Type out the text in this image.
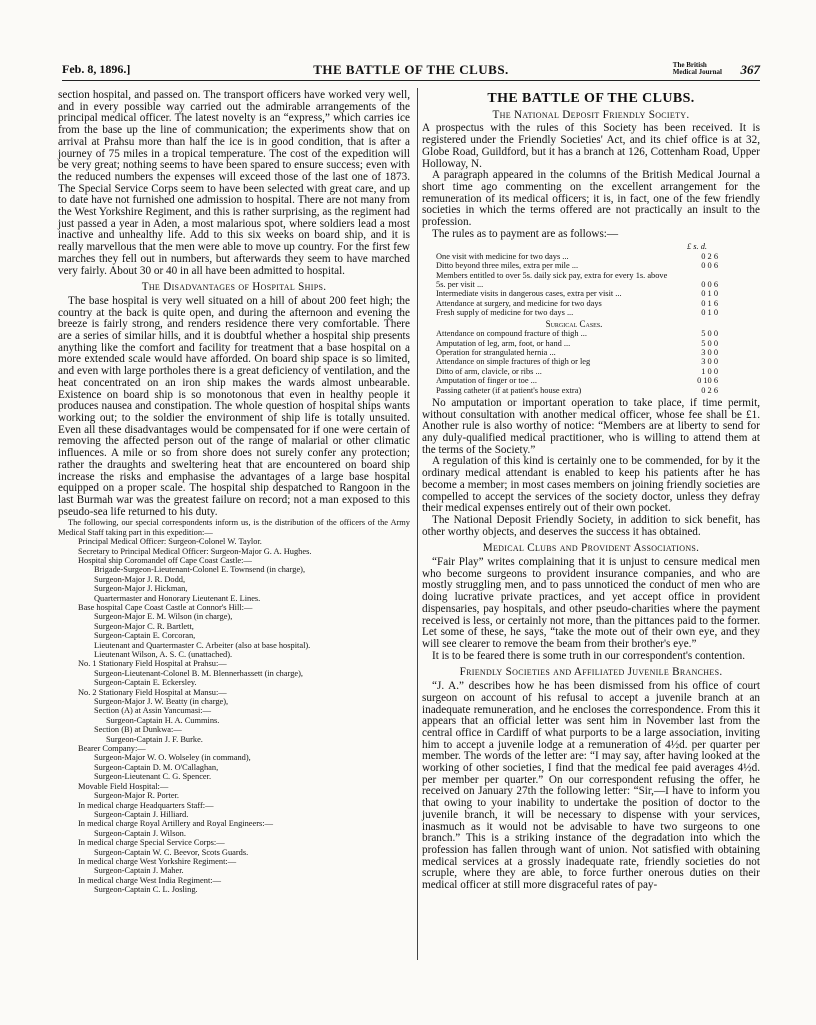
Feb. 8, 1896.]	THE BATTLE OF THE CLUBS.	The British
Medical Journal 367

section hospital, and passed on. The transport officers have worked very well, and in every possible way carried out the admirable arrangements of the principal medical officer. The latest novelty is an “express,” which carries ice from the base up the line of communication; the experiments show that on arrival at Prahsu more than half the ice is in good condition, that is after a journey of 75 miles in a tropical temperature. The cost of the expedition will be very great; nothing seems to have been spared to ensure success; even with the reduced numbers the expenses will exceed those of the last one of 1873. The Special Service Corps seem to have been selected with great care, and up to date have not furnished one admission to hospital. There are not many from the West Yorkshire Regiment, and this is rather surprising, as the regiment had just passed a year in Aden, a most malarious spot, where soldiers lead a most inactive and unhealthy life. Add to this six weeks on board ship, and it is really marvellous that the men were able to move up country. For the first few marches they fell out in numbers, but afterwards they seem to have marched very fairly. About 30 or 40 in all have been admitted to hospital.

The Disadvantages of Hospital Ships.

The base hospital is very well situated on a hill of about 200 feet high; the country at the back is quite open, and during the afternoon and evening the breeze is fairly strong, and renders residence there very comfortable. There are a series of similar hills, and it is doubtful whether a hospital ship presents anything like the comfort and facility for treatment that a base hospital on a more extended scale would have afforded. On board ship space is so limited, and even with large portholes there is a great deficiency of ventilation, and the heat concentrated on an iron ship makes the wards almost unbearable. Existence on board ship is so monotonous that even in healthy people it produces nausea and constipation. The whole question of hospital ships wants working out; to the soldier the environment of ship life is totally unsuited. Even all these disadvantages would be compensated for if one were certain of removing the affected person out of the range of malarial or other climatic influences. A mile or so from shore does not surely confer any protection; rather the draughts and sweltering heat that are encountered on board ship increase the risks and emphasise the advantages of a large base hospital equipped on a proper scale. The hospital ship despatched to Rangoon in the last Burmah war was the greatest failure on record; not a man exposed to this pseudo-sea life returned to his duty.

The following, our special correspondents inform us, is the distribution of the officers of the Army Medical Staff taking part in this expedition:—

Principal Medical Officer: Surgeon-Colonel W. Taylor.

Secretary to Principal Medical Officer: Surgeon-Major G. A. Hughes.

Hospital ship Coromandel off Cape Coast Castle:—

Brigade-Surgeon-Lieutenant-Colonel E. Townsend (in charge),

Surgeon-Major J. R. Dodd,

Surgeon-Major J. Hickman,

Quartermaster and Honorary Lieutenant E. Lines.

Base hospital Cape Coast Castle at Connor's Hill:—

Surgeon-Major E. M. Wilson (in charge),

Surgeon-Major C. R. Bartlett,

Surgeon-Captain E. Corcoran,

Lieutenant and Quartermaster C. Arbeiter (also at base hospital).

Lieutenant Wilson, A. S. C. (unattached).

No. 1 Stationary Field Hospital at Prahsu:—

Surgeon-Lieutenant-Colonel B. M. Blennerhassett (in charge),

Surgeon-Captain E. Eckersley.

No. 2 Stationary Field Hospital at Mansu:—

Surgeon-Major J. W. Beatty (in charge),

Section (A) at Assin Yancumasi:—

Surgeon-Captain H. A. Cummins.

Section (B) at Dunkwa:—

Surgeon-Captain J. F. Burke.

Bearer Company:—

Surgeon-Major W. O. Wolseley (in command),

Surgeon-Captain D. M. O'Callaghan,

Surgeon-Lieutenant C. G. Spencer.

Movable Field Hospital:—

Surgeon-Major R. Porter.

In medical charge Headquarters Staff:—

Surgeon-Captain J. Hilliard.

In medical charge Royal Artillery and Royal Engineers:—

Surgeon-Captain J. Wilson.

In medical charge Special Service Corps:—

Surgeon-Captain W. C. Beevor, Scots Guards.

In medical charge West Yorkshire Regiment:—

Surgeon-Captain J. Maher.

In medical charge West India Regiment:—

Surgeon-Captain C. L. Josling.

THE BATTLE OF THE CLUBS.
The National Deposit Friendly Society.

A prospectus with the rules of this Society has been received. It is registered under the Friendly Societies' Act, and its chief office is at 32, Globe Road, Guildford, but it has a branch at 126, Cottenham Road, Upper Holloway, N.

A paragraph appeared in the columns of the British Medical Journal a short time ago commenting on the excellent arrangement for the remuneration of its medical officers; it is, in fact, one of the few friendly societies in which the terms offered are not practically an insult to the profession.

The rules as to payment are as follows:—

	£ s. d.
One visit with medicine for two days ...	0 2 6
Ditto beyond three miles, extra per mile ...	0 0 6
Members entitled to over 5s. daily sick pay, extra for every 1s. above 5s. per visit ...	0 0 6
Intermediate visits in dangerous cases, extra per visit ...	0 1 0
Attendance at surgery, and medicine for two days	0 1 6
Fresh supply of medicine for two days ...	0 1 0
Surgical Cases.	
Attendance on compound fracture of thigh ...	5 0 0
Amputation of leg, arm, foot, or hand ...	5 0 0
Operation for strangulated hernia ...	3 0 0
Attendance on simple fractures of thigh or leg	3 0 0
Ditto of arm, clavicle, or ribs ...	1 0 0
Amputation of finger or toe ...	0 10 6
Passing catheter (if at patient's house extra)	0 2 6

No amputation or important operation to take place, if time permit, without consultation with another medical officer, whose fee shall be £1. Another rule is also worthy of notice: “Members are at liberty to send for any duly-qualified medical practitioner, who is willing to attend them at the terms of the Society.”

A regulation of this kind is certainly one to be commended, for by it the ordinary medical attendant is enabled to keep his patients after he has become a member; in most cases members on joining friendly societies are compelled to accept the services of the society doctor, unless they defray their medical expenses entirely out of their own pocket.

The National Deposit Friendly Society, in addition to sick benefit, has other worthy objects, and deserves the success it has obtained.

Medical Clubs and Provident Associations.

“Fair Play” writes complaining that it is unjust to censure medical men who become surgeons to provident insurance companies, and who are mostly struggling men, and to pass unnoticed the conduct of men who are doing lucrative private practices, and yet accept office in provident dispensaries, pay hospitals, and other pseudo-charities where the payment received is less, or certainly not more, than the pittances paid to the former. Let some of these, he says, “take the mote out of their own eye, and they will see clearer to remove the beam from their brother's eye.”

It is to be feared there is some truth in our correspondent's contention.

Friendly Societies and Affiliated Juvenile Branches.

“J. A.” describes how he has been dismissed from his office of court surgeon on account of his refusal to accept a juvenile branch at an inadequate remuneration, and he encloses the correspondence. From this it appears that an official letter was sent him in November last from the central office in Cardiff of what purports to be a large association, inviting him to accept a juvenile lodge at a remuneration of 4½d. per quarter per member. The words of the letter are: “I may say, after having looked at the working of other societies, I find that the medical fee paid averages 4½d. per member per quarter.” On our correspondent refusing the offer, he received on January 27th the following letter: “Sir,—I have to inform you that owing to your inability to undertake the position of doctor to the juvenile branch, it will be necessary to dispense with your services, inasmuch as it would not be advisable to have two surgeons to one branch.” This is a striking instance of the degradation into which the profession has fallen through want of union. Not satisfied with obtaining medical services at a grossly inadequate rate, friendly societies do not scruple, where they are able, to force further onerous duties on their medical officer at still more disgraceful rates of pay-
